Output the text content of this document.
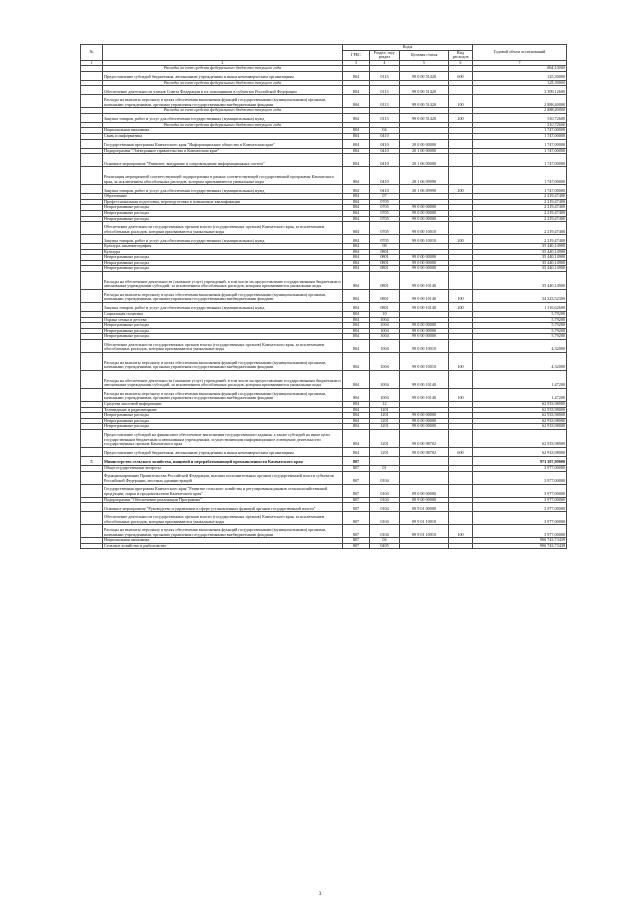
№		Коды				Годовой объем ассигнований
		ГРБС	Раздел, под-раздел	Целевая статья	Вид расходов	
1	2	3	4	5	6	7
	Расходы за счет средств федерального бюджета текущего года					864,10000
	Предоставление субсидий бюджетным, автономным учреждениям и иным некоммерческим организациям	804	0113	99 0 00 51420	600	125,30000
	Расходы за счет средств федерального бюджета текущего года					125,30000
	Обеспечение деятельности членов Совета Федерации и их помощников в субъектах Российской Федерации	804	0113	99 0 00 51420		3 399,12600
	Расходы на выплаты персоналу в целях обеспечения выполнения функций государственными (муниципальными) органами, казенными учреждениями, органами управления государственными внебюджетными фондами	804	0113	99 0 00 51420	100	2 888,40000
	Расходы за счет средств федерального бюджета текущего года					2 888,40000
	Закупка товаров, работ и услуг для обеспечения государственных (муниципальных) нужд	804	0113	99 0 00 51420	200	510,72600
	Расходы за счет средств федерального бюджета текущего года					510,72600
	Национальная экономика	804	04			1 747,00000
	Связь и информатика	804	0410			1 747,00000
	Государственная программа Камчатского края "Информационное общество в Камчатском крае"	804	0410	20 0 00 00000		1 747,00000
	Подпрограмма "Электронное правительство в Камчатском крае"	804	0410	20 1 00 00000		1 747,00000
	Основное мероприятие "Развитие, внедрение и сопровождение информационных систем"	804	0410	20 1 06 00000		1 747,00000
	Реализация мероприятий соответствующей подпрограммы в рамках соответствующей государственной программы Камчатского края, за исключением обособленных расходов, которым присваиваются уникальные коды	804	0410	20 1 06 09990		1 747,00000
	Закупка товаров, работ и услуг для обеспечения государственных (муниципальных) нужд	804	0410	20 1 06 09990	200	1 747,00000
	Образование	804	07			2 219,47400
	Профессиональная подготовка, переподготовка и повышение квалификации	804	0705			2 219,47400
	Непрограммные расходы	804	0705	99 0 00 00000		2 219,47400
	Непрограммные расходы	804	0705	99 0 00 00000		2 219,47400
	Непрограммные расходы	804	0705	99 0 00 00000		2 219,47400
	Обеспечение деятельности государственных органов власти (государственных органов) Камчатского края, за исключением обособленных расходов, которым присваиваются уникальные коды	804	0705	99 0 00 10010		2 219,47400
	Закупка товаров, работ и услуг для обеспечения государственных (муниципальных) нужд	804	0705	99 0 00 10010	200	2 219,47400
	Культура, кинематография	804	08			35 440,14900
	Культура	804	0801			35 440,14900
	Непрограммные расходы	804	0801	99 0 00 00000		35 440,14900
	Непрограммные расходы	804	0801	99 0 00 00000		35 440,14900
	Непрограммные расходы	804	0801	99 0 00 00000		35 440,14900
	Расходы на обеспечение деятельности (оказание услуг) учреждений, в том числе на предоставление государственным бюджетным и автономным учреждениям субсидий, за исключением обособленных расходов, которым присваиваются уникальные коды	804	0801	99 0 00 10140		35 440,14900
	Расходы на выплаты персоналу в целях обеспечения выполнения функций государственными (муниципальными) органами, казенными учреждениями, органами управления государственными внебюджетными фондами	804	0801	99 0 00 10140	100	34 323,52300
	Закупка товаров, работ и услуг для обеспечения государственных (муниципальных) нужд	804	0801	99 0 00 10140	200	1 116,62600
	Социальная политика	804	10			5,79200
	Охрана семьи и детства	804	1004			5,79200
	Непрограммные расходы	804	1004	99 0 00 00000		5,79200
	Непрограммные расходы	804	1004	99 0 00 00000		5,79200
	Непрограммные расходы	804	1004	99 0 00 00000		5,79200
	Обеспечение деятельности государственных органов власти (государственных органов) Камчатского края, за исключением обособленных расходов, которым присваиваются уникальные коды	804	1004	99 0 00 10010		4,32000
	Расходы на выплаты персоналу в целях обеспечения выполнения функций государственными (муниципальными) органами, казенными учреждениями, органами управления государственными внебюджетными фондами	804	1004	99 0 00 10010	100	4,32000
	Расходы на обеспечение деятельности (оказание услуг) учреждений, в том числе на предоставление государственным бюджетным и автономным учреждениям субсидий, за исключением обособленных расходов, которым присваиваются уникальные коды	804	1004	99 0 00 10140		1,47200
	Расходы на выплаты персоналу в целях обеспечения выполнения функций государственными (муниципальными) органами, казенными учреждениями, органами управления государственными внебюджетными фондами	804	1004	99 0 00 10140	100	1,47200
	Средства массовой информации	804	12			62 933,98000
	Телевидение и радиовещание	804	1201			62 933,98000
	Непрограммные расходы	804	1201	99 0 00 00000		62 933,98000
	Непрограммные расходы	804	1201	99 0 00 00000		62 933,98000
	Непрограммные расходы	804	1201	99 0 00 00000		62 933,98000
	Предоставление субсидий на финансовое обеспечение выполнения государственного задания, а также субсидий на иные цели государственным бюджетным и автономным учреждениям, осуществляющим информационное освещение деятельности государственных органов Камчатского края	804	1201	99 0 00 98702		62 933,98000
	Предоставление субсидий бюджетным, автономным учреждениям и иным некоммерческим организациям	804	1201	99 0 00 98702	600	62 933,98000
5	Министерство сельского хозяйства, пищевой и перерабатывающей промышленности Камчатского края	807				973 307,99000
	Общегосударственные вопросы	807	01			3 977,00000
	Функционирование Правительства Российской Федерации, высших исполнительных органов государственной власти субъектов Российской Федерации, местных администраций	807	0104			3 977,00000
	Государственная программа Камчатского края "Развитие сельского хозяйства и регулирования рынков сельскохозяйственной продукции, сырья и продовольствия Камчатского края"	807	0104	09 0 00 00000		3 977,00000
	Подпрограмма "Обеспечение реализации Программы"	807	0104	09 9 00 00000		3 977,00000
	Основное мероприятие "Руководство и управление в сфере установленных функций органов государственной власти"	807	0104	09 9 01 00000		3 977,00000
	Обеспечение деятельности государственных органов власти (государственных органов) Камчатского края, за исключением обособленных расходов, которым присваиваются уникальные коды	807	0104	09 9 01 10010		3 977,00000
	Расходы на выплаты персоналу в целях обеспечения выполнения функций государственными (муниципальными) органами, казенными учреждениями, органами управления государственными внебюджетными фондами	807	0104	09 9 01 10010	100	3 977,00000
	Национальная экономика	807	04			906 743,73439
	Сельское хозяйство и рыболовство	807	0405			906 743,73439
3
